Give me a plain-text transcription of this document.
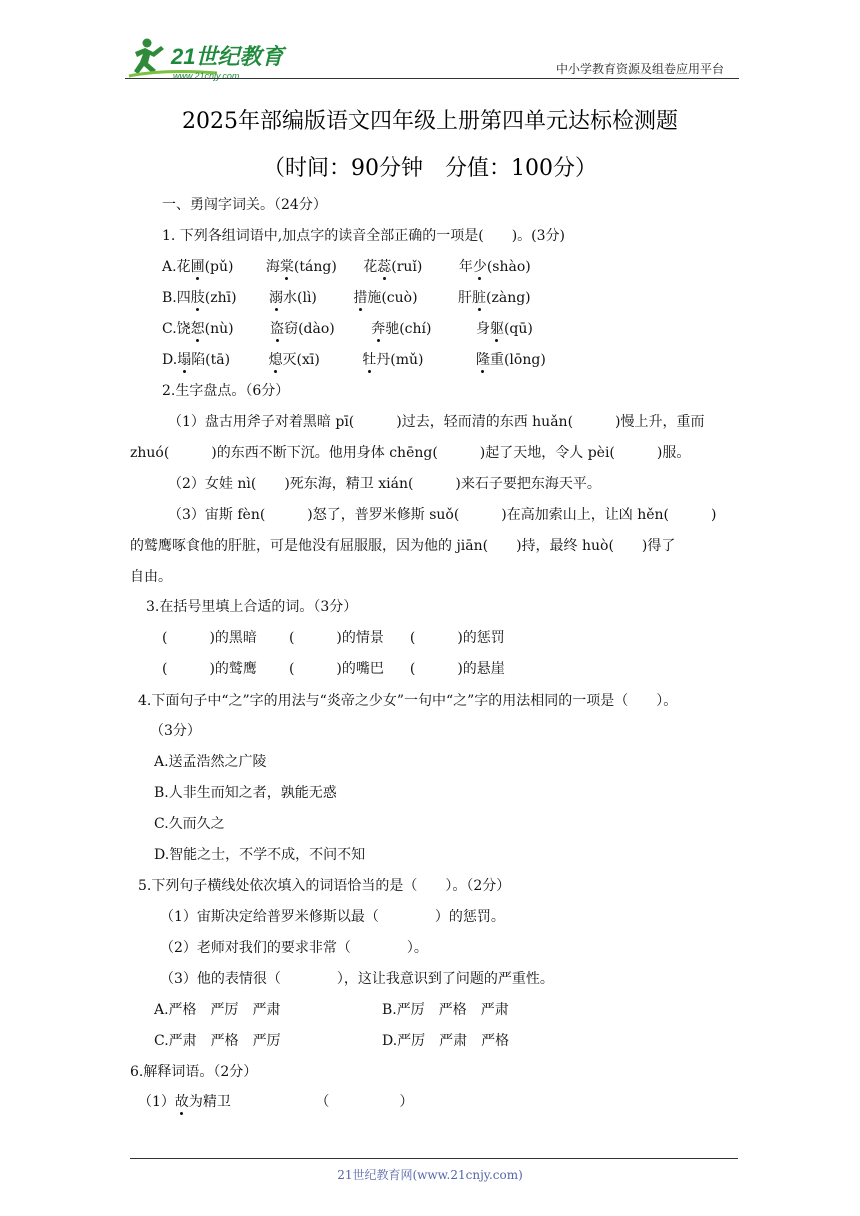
21世纪教育
www.21cnjy.com	中小学教育资源及组卷应用平台
2025年部编版语文四年级上册第四单元达标检测题
（时间：90分钟　分值：100分）
一、勇闯字词关。（24分）
1. 下列各组词语中,加点字的读音全部正确的一项是(　　)。(3分)
A.花圃(pǔ) 海棠(táng) 花蕊(ruǐ)	年少(shào)
B.四肢(zhī) 溺水(lì)	措施(cuò)	肝脏(zàng)
C.饶恕(nù)	盗窃(dào)	奔驰(chí)	身躯(qū)
D.塌陷(tā)	熄灭(xī)	牡丹(mǔ)	隆重(lōng)
2.生字盘点。（6分）
（1）盘古用斧子对着黑暗 pī(　　　)过去，轻而清的东西 huǎn(　　　)慢上升，重而
zhuó(　　　)的东西不断下沉。他用身体 chēng(　　　)起了天地，令人 pèi(　　　)服。
（2）女娃 nì(　　)死东海，精卫 xián(　　　)来石子要把东海天平。
（3）宙斯 fèn(　　　)怒了，普罗米修斯 suǒ(　　　)在高加索山上，让凶 hěn(　　　)
的鹫鹰啄食他的肝脏，可是他没有屈服服，因为他的 jiān(　　)持，最终 huò(　　)得了
自由。
3.在括号里填上合适的词。（3分）
(　　　)的黑暗 (　　　)的情景 (　　　)的惩罚
(　　　)的鹫鹰 (　　　)的嘴巴 (　　　)的悬崖
4.下面句子中“之”字的用法与“炎帝之少女”一句中“之”字的用法相同的一项是（　　）。
（3分）
A.送孟浩然之广陵
B.人非生而知之者，孰能无惑
C.久而久之
D.智能之士，不学不成，不问不知
5.下列句子横线处依次填入的词语恰当的是（　　）。（2分）
（1）宙斯决定给普罗米修斯以最（　　　　）的惩罚。
（2）老师对我们的要求非常（　　　　）。
（3）他的表情很（　　　　），这让我意识到了问题的严重性。
A.严格　严厉　严肃	B.严厉　严格　严肃
C.严肃　严格　严厉	D.严厉　严肃　严格
6.解释词语。（2分）
（1）故为精卫	（　　　　　）
21世纪教育网(www.21cnjy.com)
